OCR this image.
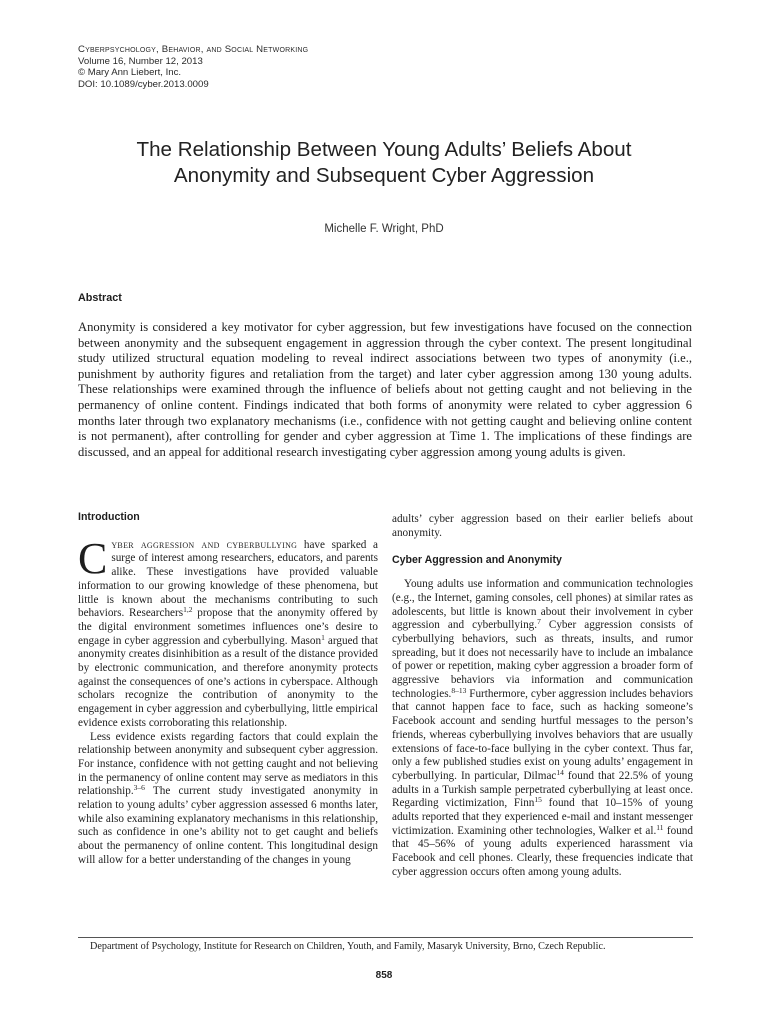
Cyberpsychology, Behavior, and Social Networking
Volume 16, Number 12, 2013
© Mary Ann Liebert, Inc.
DOI: 10.1089/cyber.2013.0009
The Relationship Between Young Adults’ Beliefs About
Anonymity and Subsequent Cyber Aggression
Michelle F. Wright, PhD
Abstract

Anonymity is considered a key motivator for cyber aggression, but few investigations have focused on the connection between anonymity and the subsequent engagement in aggression through the cyber context. The present longitudinal study utilized structural equation modeling to reveal indirect associations between two types of anonymity (i.e., punishment by authority figures and retaliation from the target) and later cyber aggression among 130 young adults. These relationships were examined through the influence of beliefs about not getting caught and not believing in the permanency of online content. Findings indicated that both forms of anonymity were related to cyber aggression 6 months later through two explanatory mechanisms (i.e., confidence with not getting caught and believing online content is not permanent), after controlling for gender and cyber aggression at Time 1. The implications of these findings are discussed, and an appeal for additional research investigating cyber aggression among young adults is given.

Introduction

Cyber aggression and cyberbullying have sparked a surge of interest among researchers, educators, and parents alike. These investigations have provided valuable information to our growing knowledge of these phenomena, but little is known about the mechanisms contributing to such behaviors. Researchers$^{1,2}$ propose that the anonymity offered by the digital environment sometimes influences one’s desire to engage in cyber aggression and cyberbullying. Mason$^1$ argued that anonymity creates disinhibition as a result of the distance provided by electronic communication, and therefore anonymity protects against the consequences of one’s actions in cyberspace. Although scholars recognize the contribution of anonymity to the engagement in cyber aggression and cyberbullying, little empirical evidence exists corroborating this relationship.

Less evidence exists regarding factors that could explain the relationship between anonymity and subsequent cyber aggression. For instance, confidence with not getting caught and not believing in the permanency of online content may serve as mediators in this relationship.$^{3-6}$ The current study investigated anonymity in relation to young adults’ cyber aggression assessed 6 months later, while also examining explanatory mechanisms in this relationship, such as confidence in one’s ability not to get caught and beliefs about the permanency of online content. This longitudinal design will allow for a better understanding of the changes in young

adults’ cyber aggression based on their earlier beliefs about anonymity.

Cyber Aggression and Anonymity

Young adults use information and communication technologies (e.g., the Internet, gaming consoles, cell phones) at similar rates as adolescents, but little is known about their involvement in cyber aggression and cyberbullying.$^7$ Cyber aggression consists of cyberbullying behaviors, such as threats, insults, and rumor spreading, but it does not necessarily have to include an imbalance of power or repetition, making cyber aggression a broader form of aggressive behaviors via information and communication technologies.$^{8-13}$ Furthermore, cyber aggression includes behaviors that cannot happen face to face, such as hacking someone’s Facebook account and sending hurtful messages to the person’s friends, whereas cyberbullying involves behaviors that are usually extensions of face-to-face bullying in the cyber context. Thus far, only a few published studies exist on young adults’ engagement in cyberbullying. In particular, Dilmac$^{14}$ found that 22.5% of young adults in a Turkish sample perpetrated cyberbullying at least once. Regarding victimization, Finn$^{15}$ found that 10–15% of young adults reported that they experienced e-mail and instant messenger victimization. Examining other technologies, Walker et al.$^{11}$ found that 45–56% of young adults experienced harassment via Facebook and cell phones. Clearly, these frequencies indicate that cyber aggression occurs often among young adults.

Department of Psychology, Institute for Research on Children, Youth, and Family, Masaryk University, Brno, Czech Republic.
858
